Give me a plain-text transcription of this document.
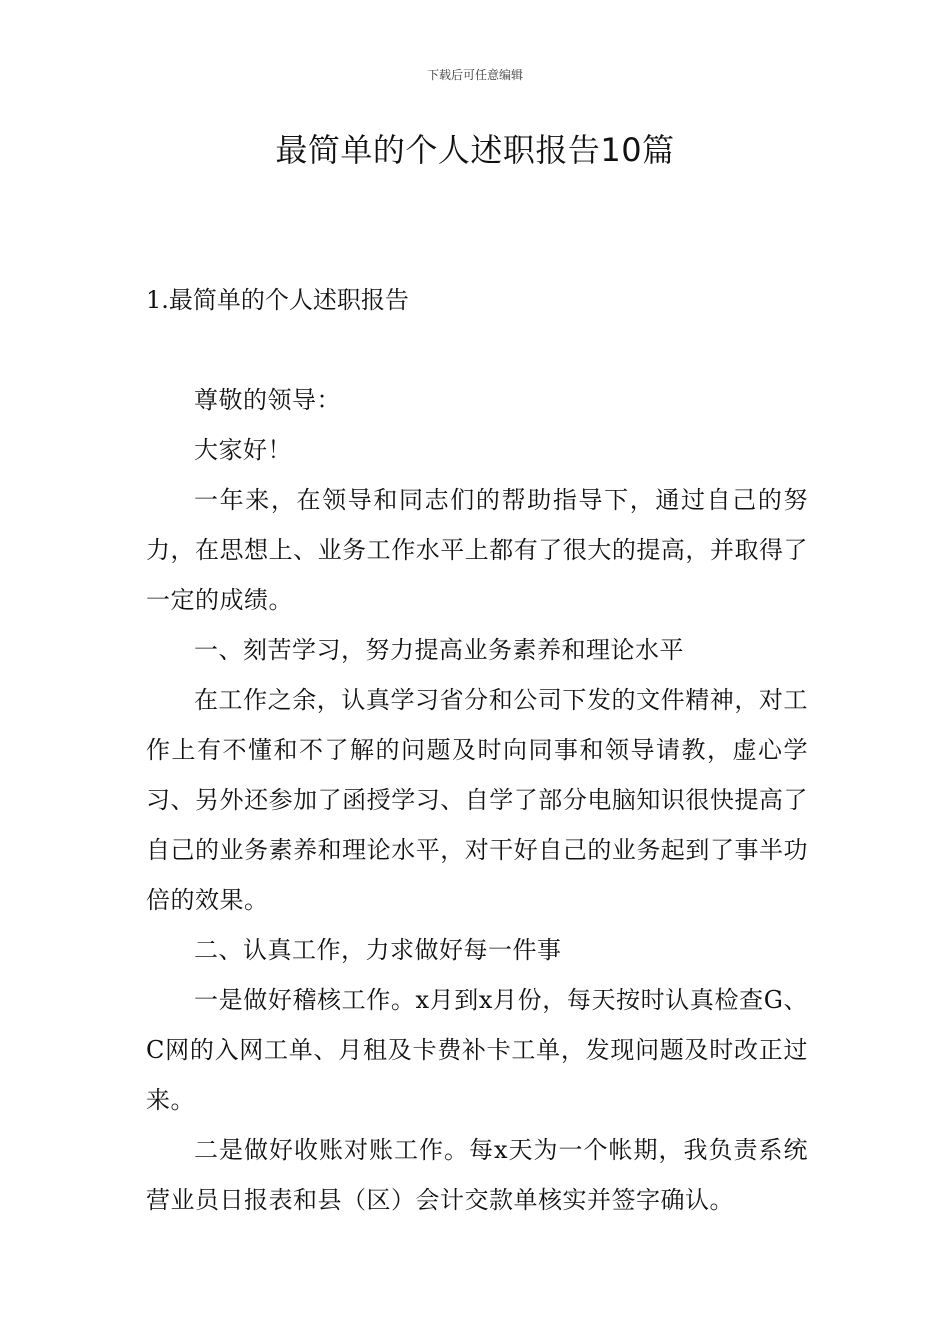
下载后可任意编辑
最简单的个人述职报告10篇
1.最简单的个人述职报告

尊敬的领导：

大家好！

一年来，在领导和同志们的帮助指导下，通过自己的努力，在思想上、业务工作水平上都有了很大的提高，并取得了一定的成绩。

一、刻苦学习，努力提高业务素养和理论水平

在工作之余，认真学习省分和公司下发的文件精神，对工作上有不懂和不了解的问题及时向同事和领导请教，虚心学习、另外还参加了函授学习、自学了部分电脑知识很快提高了自己的业务素养和理论水平，对干好自己的业务起到了事半功倍的效果。

二、认真工作，力求做好每一件事

一是做好稽核工作。x月到x月份，每天按时认真检查G、C网的入网工单、月租及卡费补卡工单，发现问题及时改正过来。

二是做好收账对账工作。每x天为一个帐期，我负责系统营业员日报表和县（区）会计交款单核实并签字确认。
